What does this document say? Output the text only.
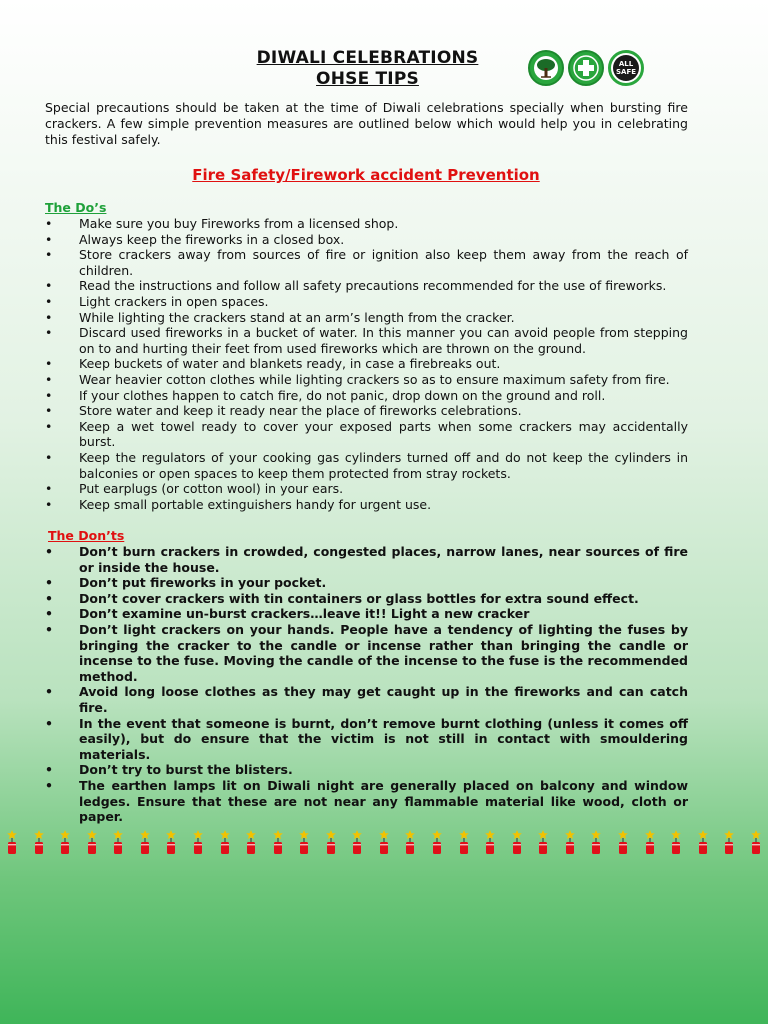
DIWALI CELEBRATIONS
OHSE TIPS
ALL
SAFE
Special precautions should be taken at the time of Diwali celebrations specially when bursting fire crackers. A few simple prevention measures are outlined below which would help you in celebrating this festival safely.
Fire Safety/Firework accident Prevention
The Do’s
• Make sure you buy Fireworks from a licensed shop.
• Always keep the fireworks in a closed box.
• Store crackers away from sources of fire or ignition also keep them away from the reach of children.
• Read the instructions and follow all safety precautions recommended for the use of fireworks.
• Light crackers in open spaces.
• While lighting the crackers stand at an arm’s length from the cracker.
• Discard used fireworks in a bucket of water. In this manner you can avoid people from stepping on to and hurting their feet from used fireworks which are thrown on the ground.
• Keep buckets of water and blankets ready, in case a firebreaks out.
• Wear heavier cotton clothes while lighting crackers so as to ensure maximum safety from fire.
• If your clothes happen to catch fire, do not panic, drop down on the ground and roll.
• Store water and keep it ready near the place of fireworks celebrations.
• Keep a wet towel ready to cover your exposed parts when some crackers may accidentally burst.
• Keep the regulators of your cooking gas cylinders turned off and do not keep the cylinders in balconies or open spaces to keep them protected from stray rockets.
• Put earplugs (or cotton wool) in your ears.
• Keep small portable extinguishers handy for urgent use.
The Don’ts
• Don’t burn crackers in crowded, congested places, narrow lanes, near sources of fire or inside the house.
• Don’t put fireworks in your pocket.
• Don’t cover crackers with tin containers or glass bottles for extra sound effect.
• Don’t examine un-burst crackers…leave it!! Light a new cracker
• Don’t light crackers on your hands. People have a tendency of lighting the fuses by bringing the cracker to the candle or incense rather than bringing the candle or incense to the fuse. Moving the candle of the incense to the fuse is the recommended method.
• Avoid long loose clothes as they may get caught up in the fireworks and can catch fire.
• In the event that someone is burnt, don’t remove burnt clothing (unless it comes off easily), but do ensure that the victim is not still in contact with smouldering materials.
• Don’t try to burst the blisters.
• The earthen lamps lit on Diwali night are generally placed on balcony and window ledges. Ensure that these are not near any flammable material like wood, cloth or paper.
